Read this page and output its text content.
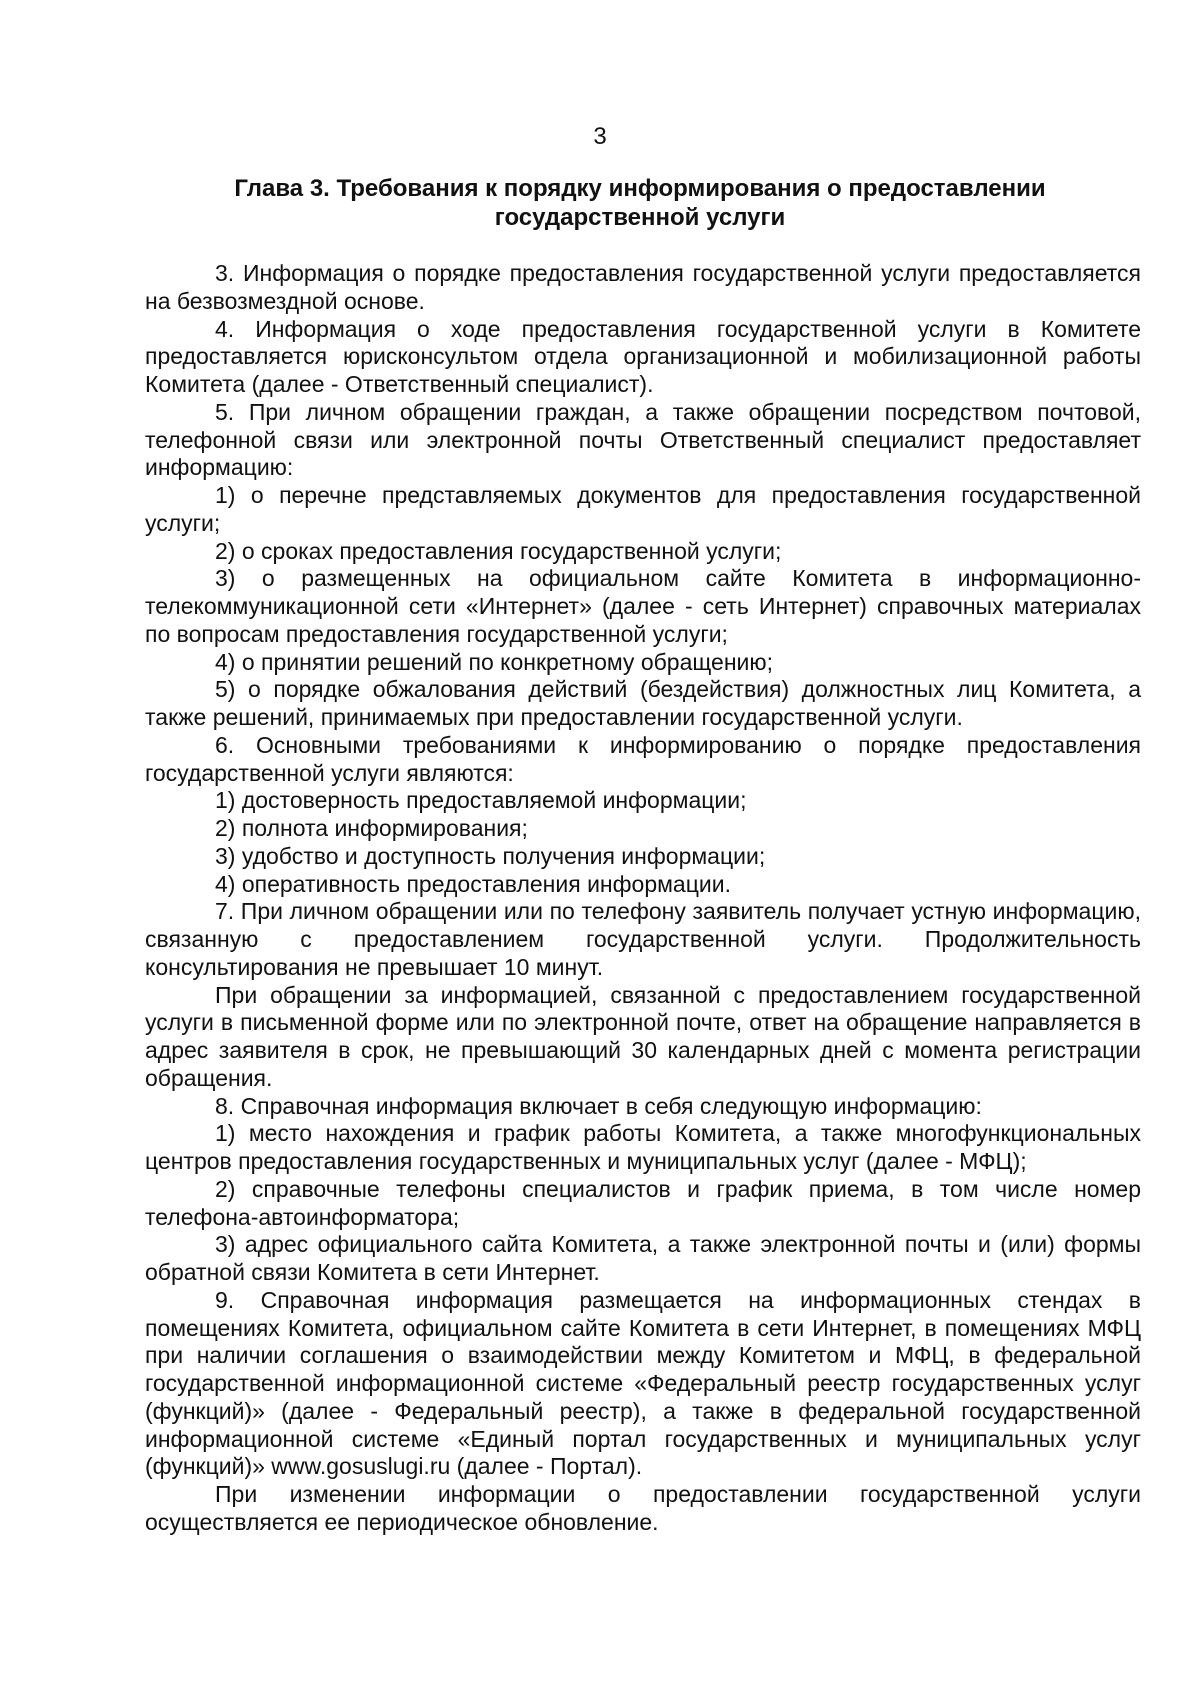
3
Глава 3. Требования к порядку информирования о предоставлении
государственной услуги

3. Информация о порядке предоставления государственной услуги предоставляется на безвозмездной основе.

4. Информация о ходе предоставления государственной услуги в Комитете предоставляется юрисконсультом отдела организационной и мобилизационной работы Комитета (далее - Ответственный специалист).

5. При личном обращении граждан, а также обращении посредством почтовой, телефонной связи или электронной почты Ответственный специалист предоставляет информацию:

1) о перечне представляемых документов для предоставления государственной услуги;

2) о сроках предоставления государственной услуги;

3) о размещенных на официальном сайте Комитета в информационно-телекоммуникационной сети «Интернет» (далее - сеть Интернет) справочных материалах по вопросам предоставления государственной услуги;

4) о принятии решений по конкретному обращению;

5) о порядке обжалования действий (бездействия) должностных лиц Комитета, а также решений, принимаемых при предоставлении государственной услуги.

6. Основными требованиями к информированию о порядке предоставления государственной услуги являются:

1) достоверность предоставляемой информации;

2) полнота информирования;

3) удобство и доступность получения информации;

4) оперативность предоставления информации.

7. При личном обращении или по телефону заявитель получает устную информацию, связанную с предоставлением государственной услуги. Продолжительность консультирования не превышает 10 минут.

При обращении за информацией, связанной с предоставлением государственной услуги в письменной форме или по электронной почте, ответ на обращение направляется в адрес заявителя в срок, не превышающий 30 календарных дней с момента регистрации обращения.

8. Справочная информация включает в себя следующую информацию:

1) место нахождения и график работы Комитета, а также многофункциональных центров предоставления государственных и муниципальных услуг (далее - МФЦ);

2) справочные телефоны специалистов и график приема, в том числе номер телефона-автоинформатора;

3) адрес официального сайта Комитета, а также электронной почты и (или) формы обратной связи Комитета в сети Интернет.

9. Справочная информация размещается на информационных стендах в помещениях Комитета, официальном сайте Комитета в сети Интернет, в помещениях МФЦ при наличии соглашения о взаимодействии между Комитетом и МФЦ, в федеральной государственной информационной системе «Федеральный реестр государственных услуг (функций)» (далее - Федеральный реестр), а также в федеральной государственной информационной системе «Единый портал государственных и муниципальных услуг (функций)» www.gosuslugi.ru (далее - Портал).

При изменении информации о предоставлении государственной услуги осуществляется ее периодическое обновление.
